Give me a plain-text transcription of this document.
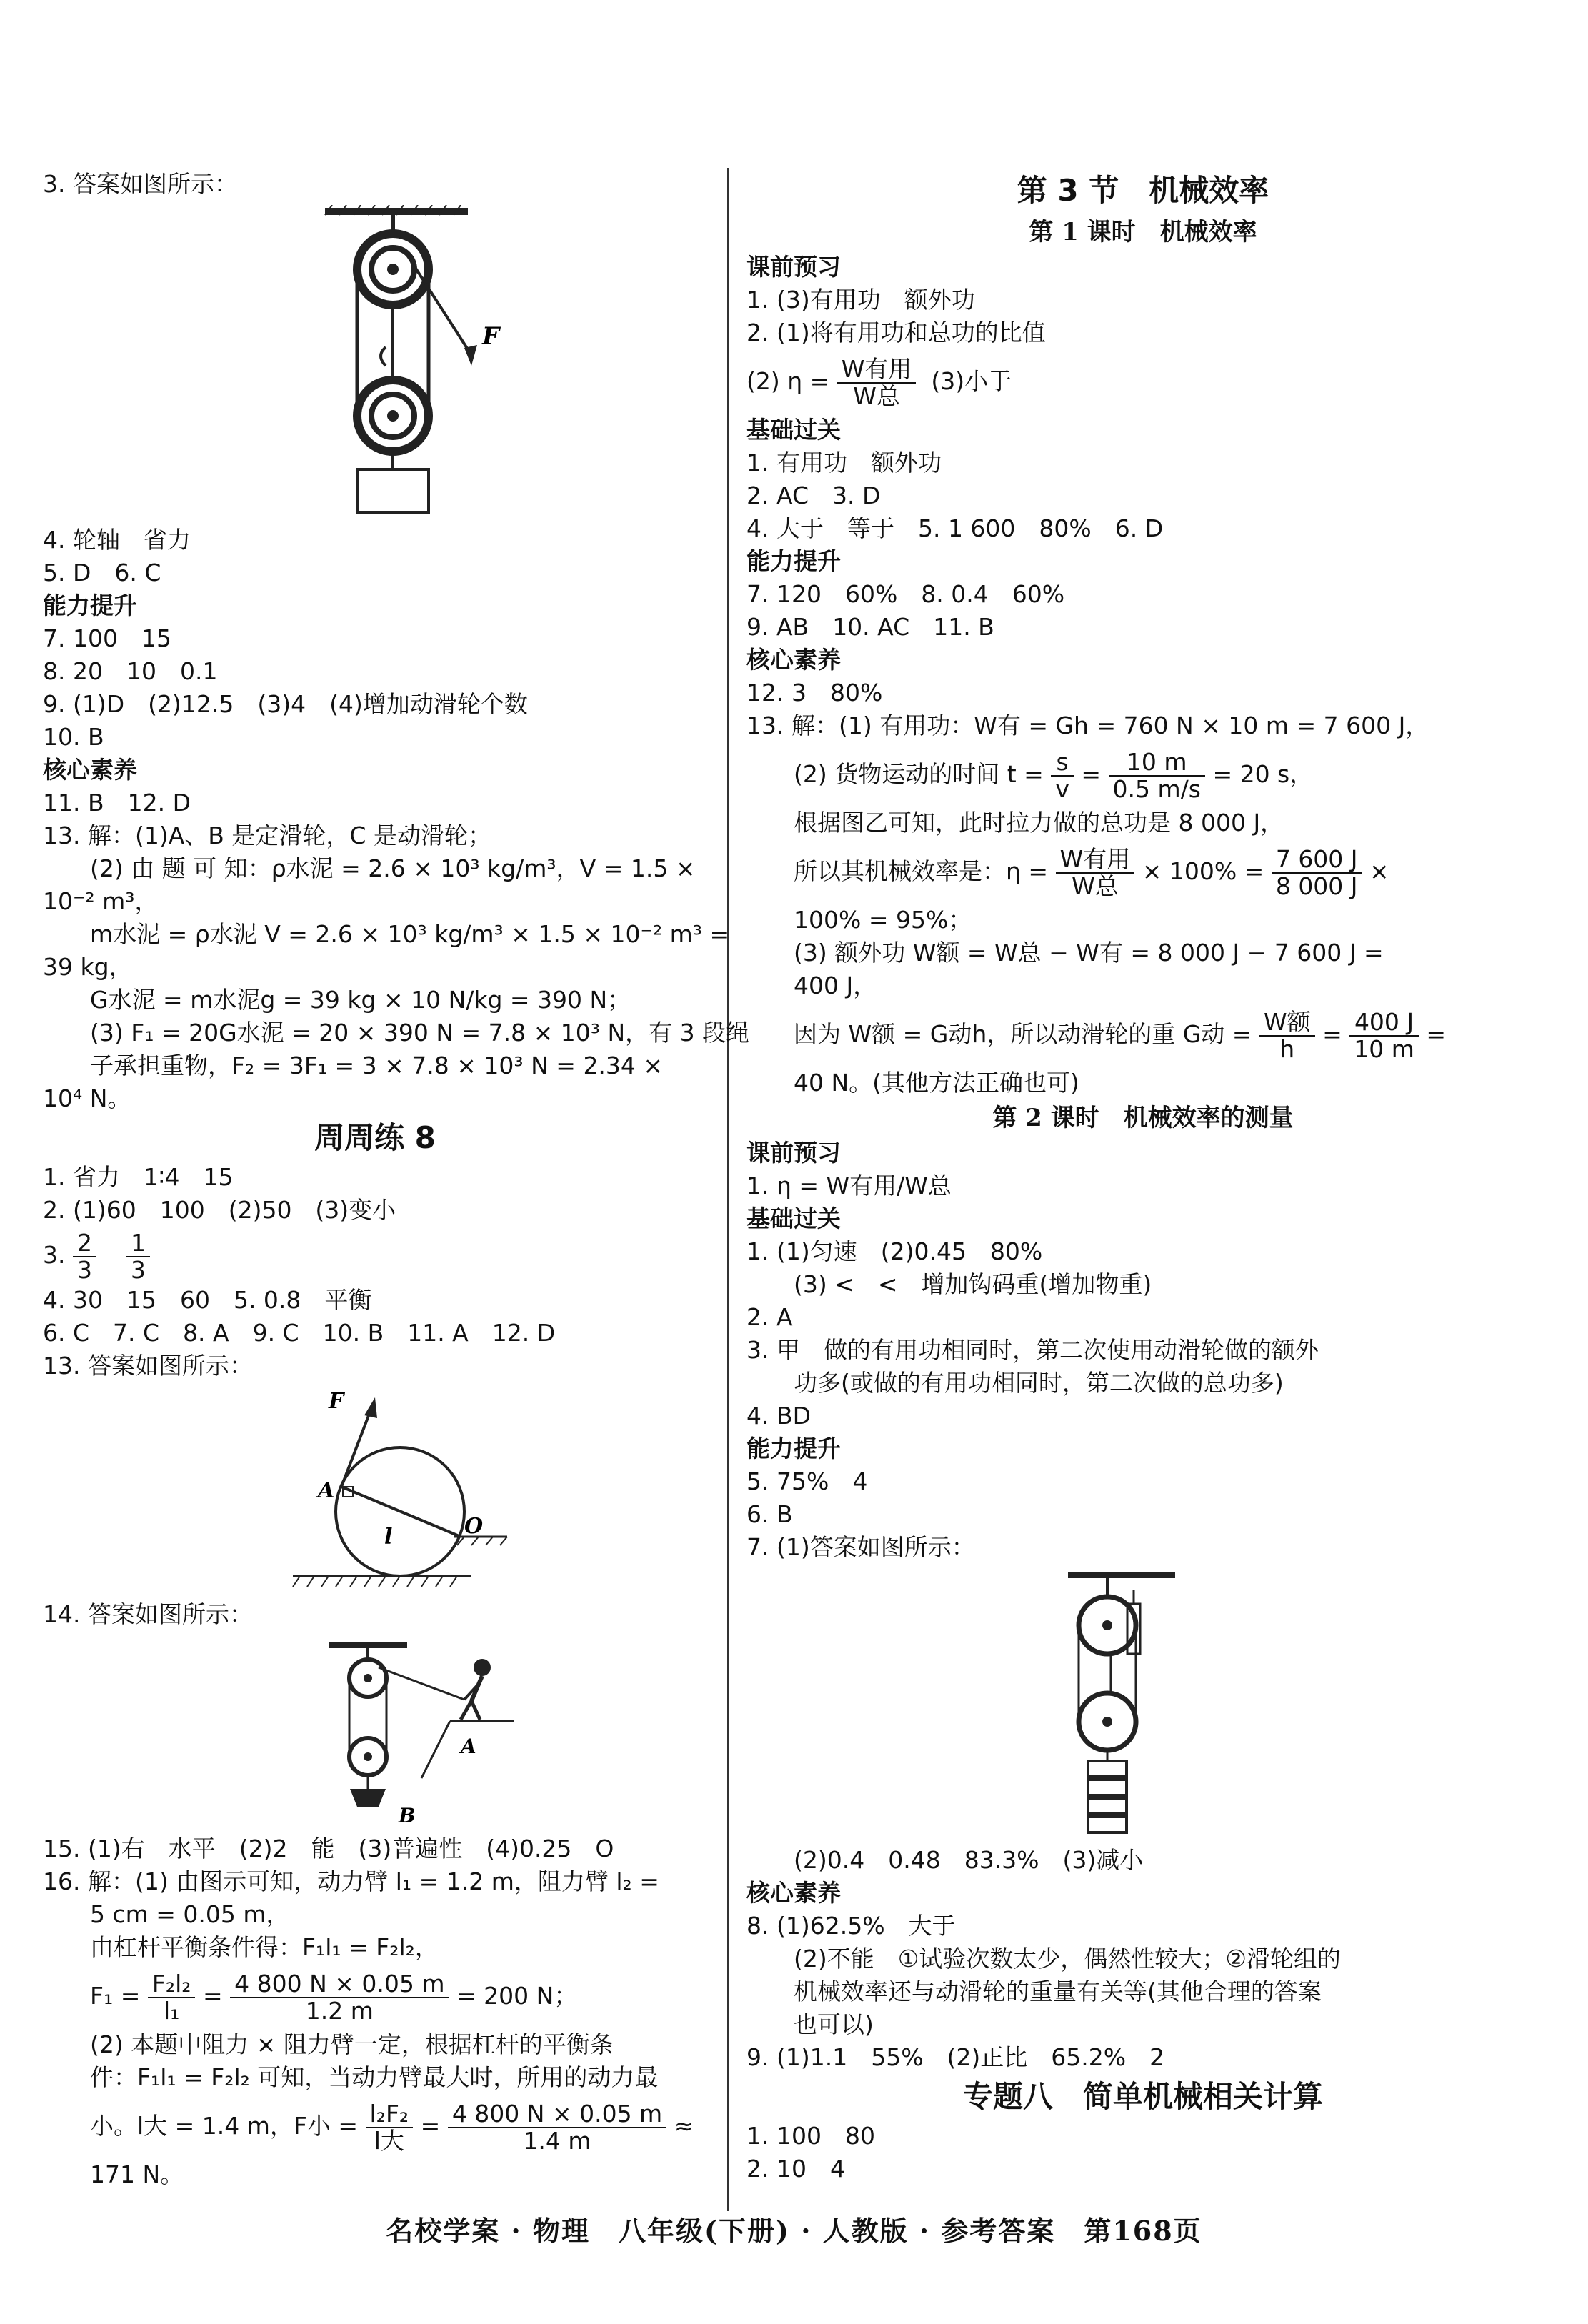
3. 答案如图所示：
F
4. 轮轴　省力
5. D　6. C
能力提升
7. 100　15
8. 20　10　0.1
9. (1)D　(2)12.5　(3)4　(4)增加动滑轮个数
10. B
核心素养
11. B　12. D
13. 解：(1)A、B 是定滑轮，C 是动滑轮；
(2) 由 题 可 知：ρ水泥 = 2.6 × 10³ kg/m³，V = 1.5 ×
10⁻² m³，
m水泥 = ρ水泥 V = 2.6 × 10³ kg/m³ × 1.5 × 10⁻² m³ =
39 kg，
G水泥 = m水泥g = 39 kg × 10 N/kg = 390 N；
(3) F₁ = 20G水泥 = 20 × 390 N = 7.8 × 10³ N，有 3 段绳
子承担重物，F₂ = 3F₁ = 3 × 7.8 × 10³ N = 2.34 ×
10⁴ N。
周周练 8
1. 省力　1∶4　15
2. (1)60　100　(2)50　(3)变小
3. $\frac{2}{3}$
$\frac{1}{3}$
4. 30　15　60　5. 0.8　平衡
6. C　7. C　8. A　9. C　10. B　11. A　12. D
13. 答案如图所示：
F
A
l	O
14. 答案如图所示：
B
A
15. (1)右　水平　(2)2　能　(3)普遍性　(4)0.25　O
16. 解：(1) 由图示可知，动力臂 l₁ = 1.2 m，阻力臂 l₂ =
5 cm = 0.05 m，
由杠杆平衡条件得：F₁l₁ = F₂l₂，
$F_1 = \frac{\text{F₂l₂}}{\text{l₁}} = \frac{4 800 N \times 0.05 m}{1.2 m} = 200$ N；
(2) 本题中阻力 × 阻力臂一定，根据杠杆的平衡条
件：F₁l₁ = F₂l₂ 可知，当动力臂最大时，所用的动力最
小。l大 = 1.4 m，F小 = $\frac{\text{l₂F₂}}{\text{l大}} = \frac{4 800 N \times 0.05 m}{1.4 m}$ ≈
171 N。
第 3 节　机械效率
第 1 课时　机械效率
课前预习
1. (3)有用功　额外功
2. (1)将有用功和总功的比值
(2) $\eta = \frac{\text{W有用}}{\text{W总}} (3)$小于
基础过关
1. 有用功　额外功
2. AC　3. D
4. 大于　等于　5. 1 600　80%　6. D
能力提升
7. 120　60%　8. 0.4　60%
9. AB　10. AC　11. B
核心素养
12. 3　80%
13. 解：(1) 有用功：W有 = Gh = 760 N × 10 m = 7 600 J，
(2) 货物运动的时间 $t = \frac{s}{v} = \frac{10 m}{0.5 m/s} = 20$ s，
根据图乙可知，此时拉力做的总功是 8 000 J，
所以其机械效率是：$\eta = \frac{\text{W有用}}{\text{W总}} \times 100\% = \frac{7 600 J}{8 000 J}$ ×
100% = 95%；
(3) 额外功 W额 = W总 − W有 = 8 000 J − 7 600 J =
400 J，
因为 W额 = G动h，所以动滑轮的重 G动 = $\frac{\text{W额}}{h} = \frac{400 J}{10 m}$ =
40 N。(其他方法正确也可)
第 2 课时　机械效率的测量
课前预习
1. η = W有用/W总
基础过关
1. (1)匀速　(2)0.45　80%
(3) <　<　增加钩码重(增加物重)
2. A
3. 甲　做的有用功相同时，第二次使用动滑轮做的额外
功多(或做的有用功相同时，第二次做的总功多)
4. BD
能力提升
5. 75%　4
6. B
7. (1)答案如图所示：
(2)0.4　0.48　83.3%　(3)减小
核心素养
8. (1)62.5%　大于
(2)不能　①试验次数太少，偶然性较大；②滑轮组的
机械效率还与动滑轮的重量有关等(其他合理的答案
也可以)
9. (1)1.1　55%　(2)正比　65.2%　2
专题八　简单机械相关计算
1. 100　80
2. 10　4
名校学案 · 物理　八年级(下册) · 人教版 · 参考答案　第168页
